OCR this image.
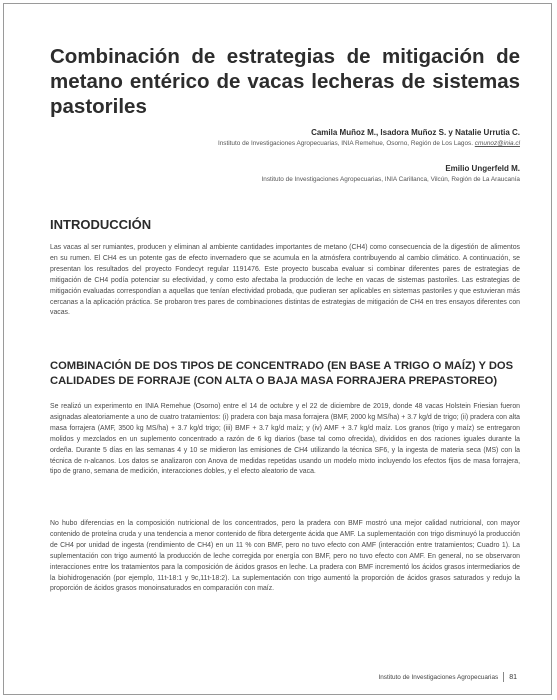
Combinación de estrategias de mitigación de metano entérico de vacas lecheras de sistemas pastoriles
Camila Muñoz M., Isadora Muñoz S. y Natalie Urrutia C.
Instituto de Investigaciones Agropecuarias, INIA Remehue, Osorno, Región de Los Lagos. cmunoz@inia.cl
Emilio Ungerfeld M.
Instituto de Investigaciones Agropecuarias, INIA Carillanca, Vilcún, Región de La Araucanía
INTRODUCCIÓN

Las vacas al ser rumiantes, producen y eliminan al ambiente cantidades importantes de metano (CH4) como consecuencia de la digestión de alimentos en su rumen. El CH4 es un potente gas de efecto invernadero que se acumula en la atmósfera contribuyendo al cambio climático. A continuación, se presentan los resultados del proyecto Fondecyt regular 1191476. Este proyecto buscaba evaluar si combinar diferentes pares de estrategias de mitigación de CH4 podía potenciar su efectividad, y como esto afectaba la producción de leche en vacas de sistemas pastoriles. Las estrategias de mitigación evaluadas correspondían a aquellas que tenían efectividad probada, que pudieran ser aplicables en sistemas pastoriles y que estuvieran más cercanas a la aplicación práctica. Se probaron tres pares de combinaciones distintas de estrategias de mitigación de CH4 en tres ensayos diferentes con vacas.

COMBINACIÓN DE DOS TIPOS DE CONCENTRADO (EN BASE A TRIGO O MAÍZ) Y DOS CALIDADES DE FORRAJE (CON ALTA O BAJA MASA FORRAJERA PREPASTOREO)

Se realizó un experimento en INIA Remehue (Osorno) entre el 14 de octubre y el 22 de diciembre de 2019, donde 48 vacas Holstein Friesian fueron asignadas aleatoriamente a uno de cuatro tratamientos: (i) pradera con baja masa forrajera (BMF, 2000 kg MS/ha) + 3.7 kg/d de trigo; (ii) pradera con alta masa forrajera (AMF, 3500 kg MS/ha) + 3.7 kg/d trigo; (iii) BMF + 3.7 kg/d maíz; y (iv) AMF + 3.7 kg/d maíz. Los granos (trigo y maíz) se entregaron molidos y mezclados en un suplemento concentrado a razón de 6 kg diarios (base tal como ofrecida), divididos en dos raciones iguales durante la ordeña. Durante 5 días en las semanas 4 y 10 se midieron las emisiones de CH4 utilizando la técnica SF6, y la ingesta de materia seca (MS) con la técnica de n-alcanos. Los datos se analizaron con Anova de medidas repetidas usando un modelo mixto incluyendo los efectos fijos de masa forrajera, tipo de grano, semana de medición, interacciones dobles, y el efecto aleatorio de vaca.

No hubo diferencias en la composición nutricional de los concentrados, pero la pradera con BMF mostró una mejor calidad nutricional, con mayor contenido de proteína cruda y una tendencia a menor contenido de fibra detergente ácida que AMF. La suplementación con trigo disminuyó la producción de CH4 por unidad de ingesta (rendimiento de CH4) en un 11 % con BMF, pero no tuvo efecto con AMF (interacción entre tratamientos; Cuadro 1). La suplementación con trigo aumentó la producción de leche corregida por energía con BMF, pero no tuvo efecto con AMF. En general, no se observaron interacciones entre los tratamientos para la composición de ácidos grasos en leche. La pradera con BMF incrementó los ácidos grasos intermediarios de la biohidrogenación (por ejemplo, 11t-18:1 y 9c,11t-18:2). La suplementación con trigo aumentó la proporción de ácidos grasos saturados y redujo la proporción de ácidos grasos monoinsaturados en comparación con maíz.

Instituto de Investigaciones Agropecuarias 81
